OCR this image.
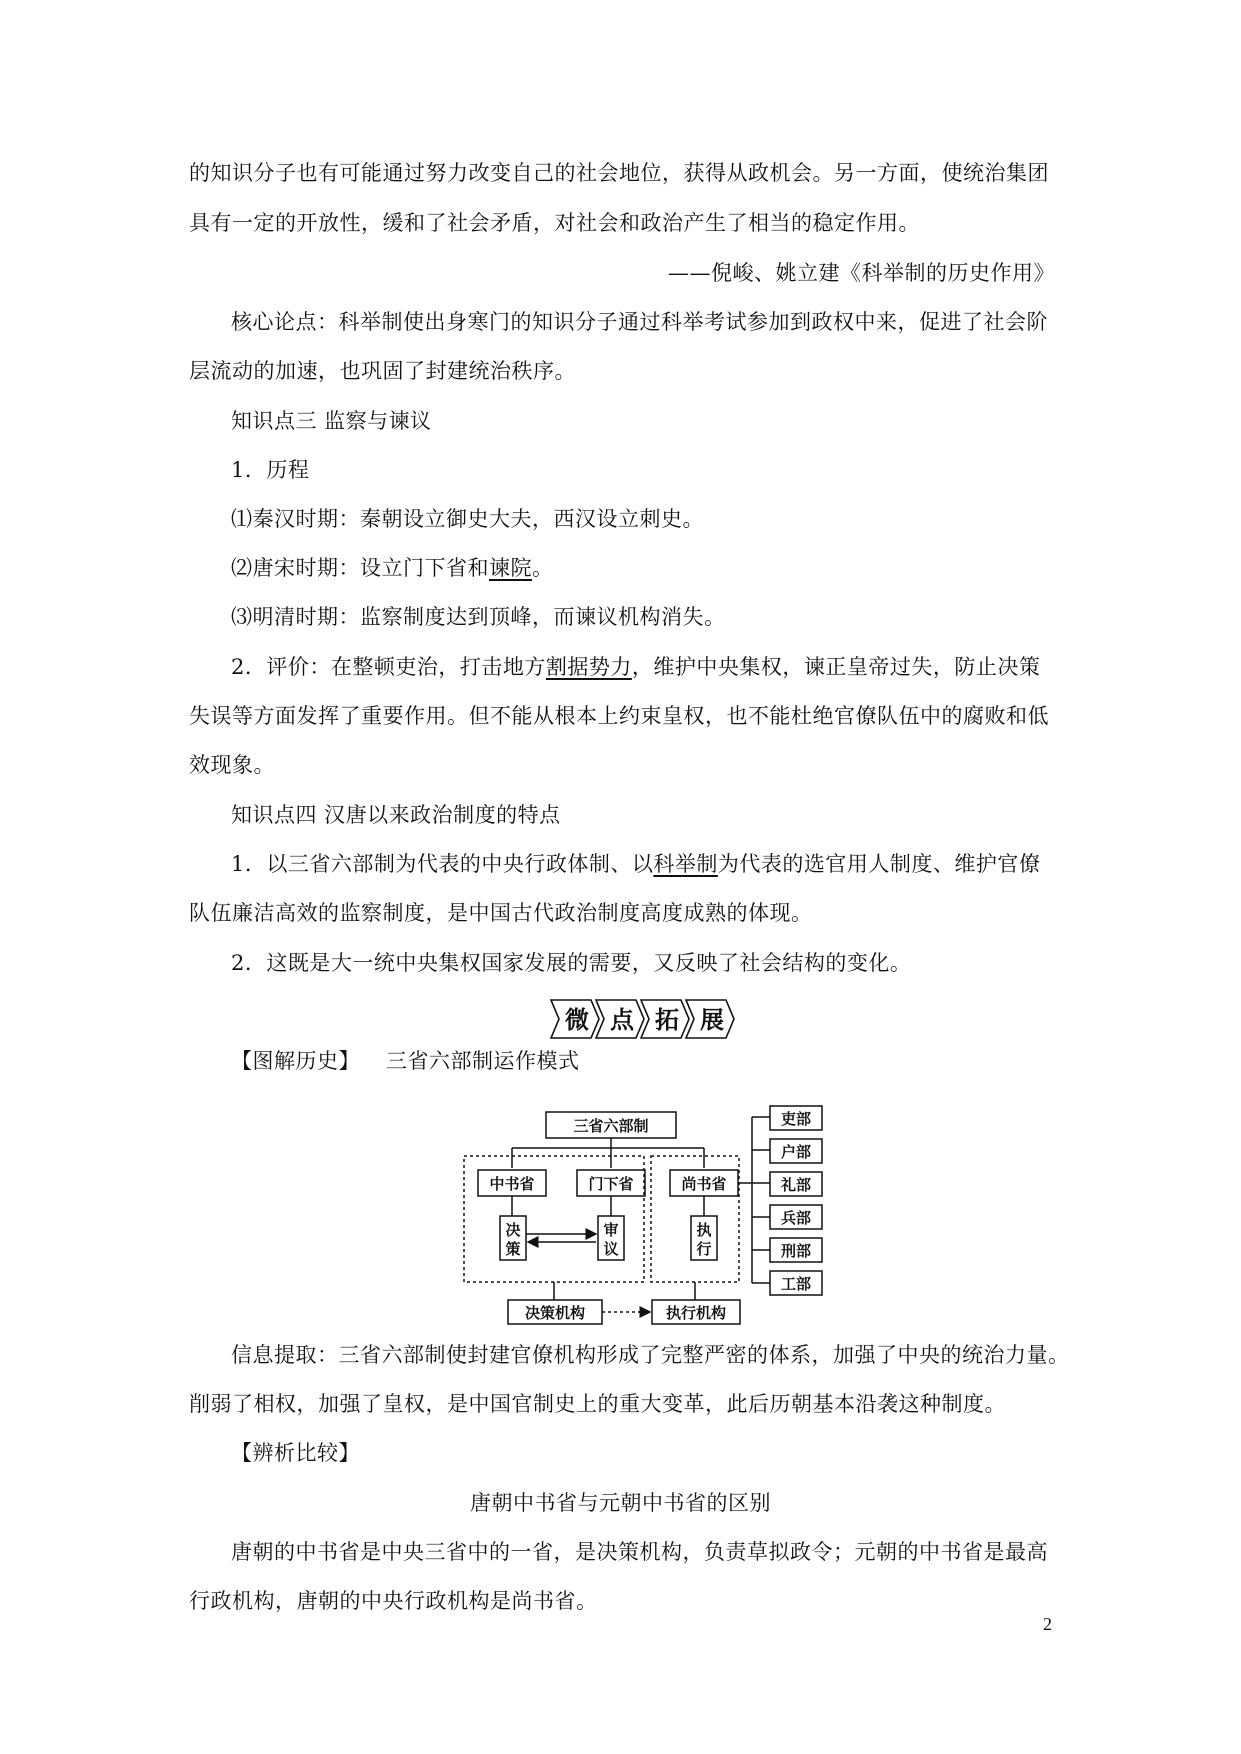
的知识分子也有可能通过努力改变自己的社会地位，获得从政机会。另一方面，使统治集团
具有一定的开放性，缓和了社会矛盾，对社会和政治产生了相当的稳定作用。
——倪峻、姚立建《科举制的历史作用》
核心论点：科举制使出身寒门的知识分子通过科举考试参加到政权中来，促进了社会阶
层流动的加速，也巩固了封建统治秩序。
知识点三 监察与谏议
1．历程
⑴秦汉时期：秦朝设立御史大夫，西汉设立刺史。
⑵唐宋时期：设立门下省和谏院。
⑶明清时期：监察制度达到顶峰，而谏议机构消失。
2．评价：在整顿吏治，打击地方割据势力，维护中央集权，谏正皇帝过失，防止决策
失误等方面发挥了重要作用。但不能从根本上约束皇权，也不能杜绝官僚队伍中的腐败和低
效现象。
知识点四 汉唐以来政治制度的特点
1．以三省六部制为代表的中央行政体制、以科举制为代表的选官用人制度、维护官僚
队伍廉洁高效的监察制度，是中国古代政治制度高度成熟的体现。
2．这既是大一统中央集权国家发展的需要，又反映了社会结构的变化。
微 点 拓 展
【图解历史】 三省六部制运作模式
三省六部制
中书省	门下省	尚书省
决
策
审
议
执
行
决策机构	执行机构
吏部
户部
礼部
兵部
刑部
工部
信息提取：三省六部制使封建官僚机构形成了完整严密的体系，加强了中央的统治力量。
削弱了相权，加强了皇权，是中国官制史上的重大变革，此后历朝基本沿袭这种制度。
【辨析比较】
唐朝中书省与元朝中书省的区别
唐朝的中书省是中央三省中的一省，是决策机构，负责草拟政令；元朝的中书省是最高
行政机构，唐朝的中央行政机构是尚书省。
2
